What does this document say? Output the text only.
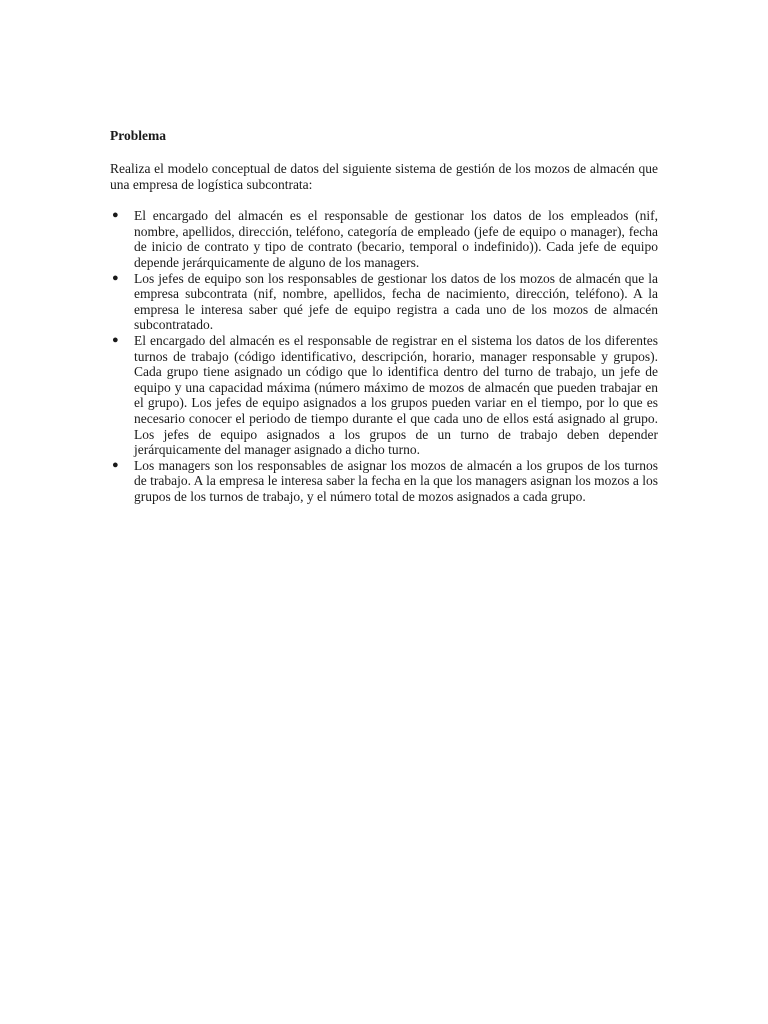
Problema

Realiza el modelo conceptual de datos del siguiente sistema de gestión de los mozos de almacén que una empresa de logística subcontrata:

● El encargado del almacén es el responsable de gestionar los datos de los empleados (nif, nombre, apellidos, dirección, teléfono, categoría de empleado (jefe de equipo o manager), fecha de inicio de contrato y tipo de contrato (becario, temporal o indefinido)). Cada jefe de equipo depende jerárquicamente de alguno de los managers.
● Los jefes de equipo son los responsables de gestionar los datos de los mozos de almacén que la empresa subcontrata (nif, nombre, apellidos, fecha de nacimiento, dirección, teléfono). A la empresa le interesa saber qué jefe de equipo registra a cada uno de los mozos de almacén subcontratado.
● El encargado del almacén es el responsable de registrar en el sistema los datos de los diferentes turnos de trabajo (código identificativo, descripción, horario, manager responsable y grupos). Cada grupo tiene asignado un código que lo identifica dentro del turno de trabajo, un jefe de equipo y una capacidad máxima (número máximo de mozos de almacén que pueden trabajar en el grupo). Los jefes de equipo asignados a los grupos pueden variar en el tiempo, por lo que es necesario conocer el periodo de tiempo durante el que cada uno de ellos está asignado al grupo. Los jefes de equipo asignados a los grupos de un turno de trabajo deben depender jerárquicamente del manager asignado a dicho turno.
● Los managers son los responsables de asignar los mozos de almacén a los grupos de los turnos de trabajo. A la empresa le interesa saber la fecha en la que los managers asignan los mozos a los grupos de los turnos de trabajo, y el número total de mozos asignados a cada grupo.
